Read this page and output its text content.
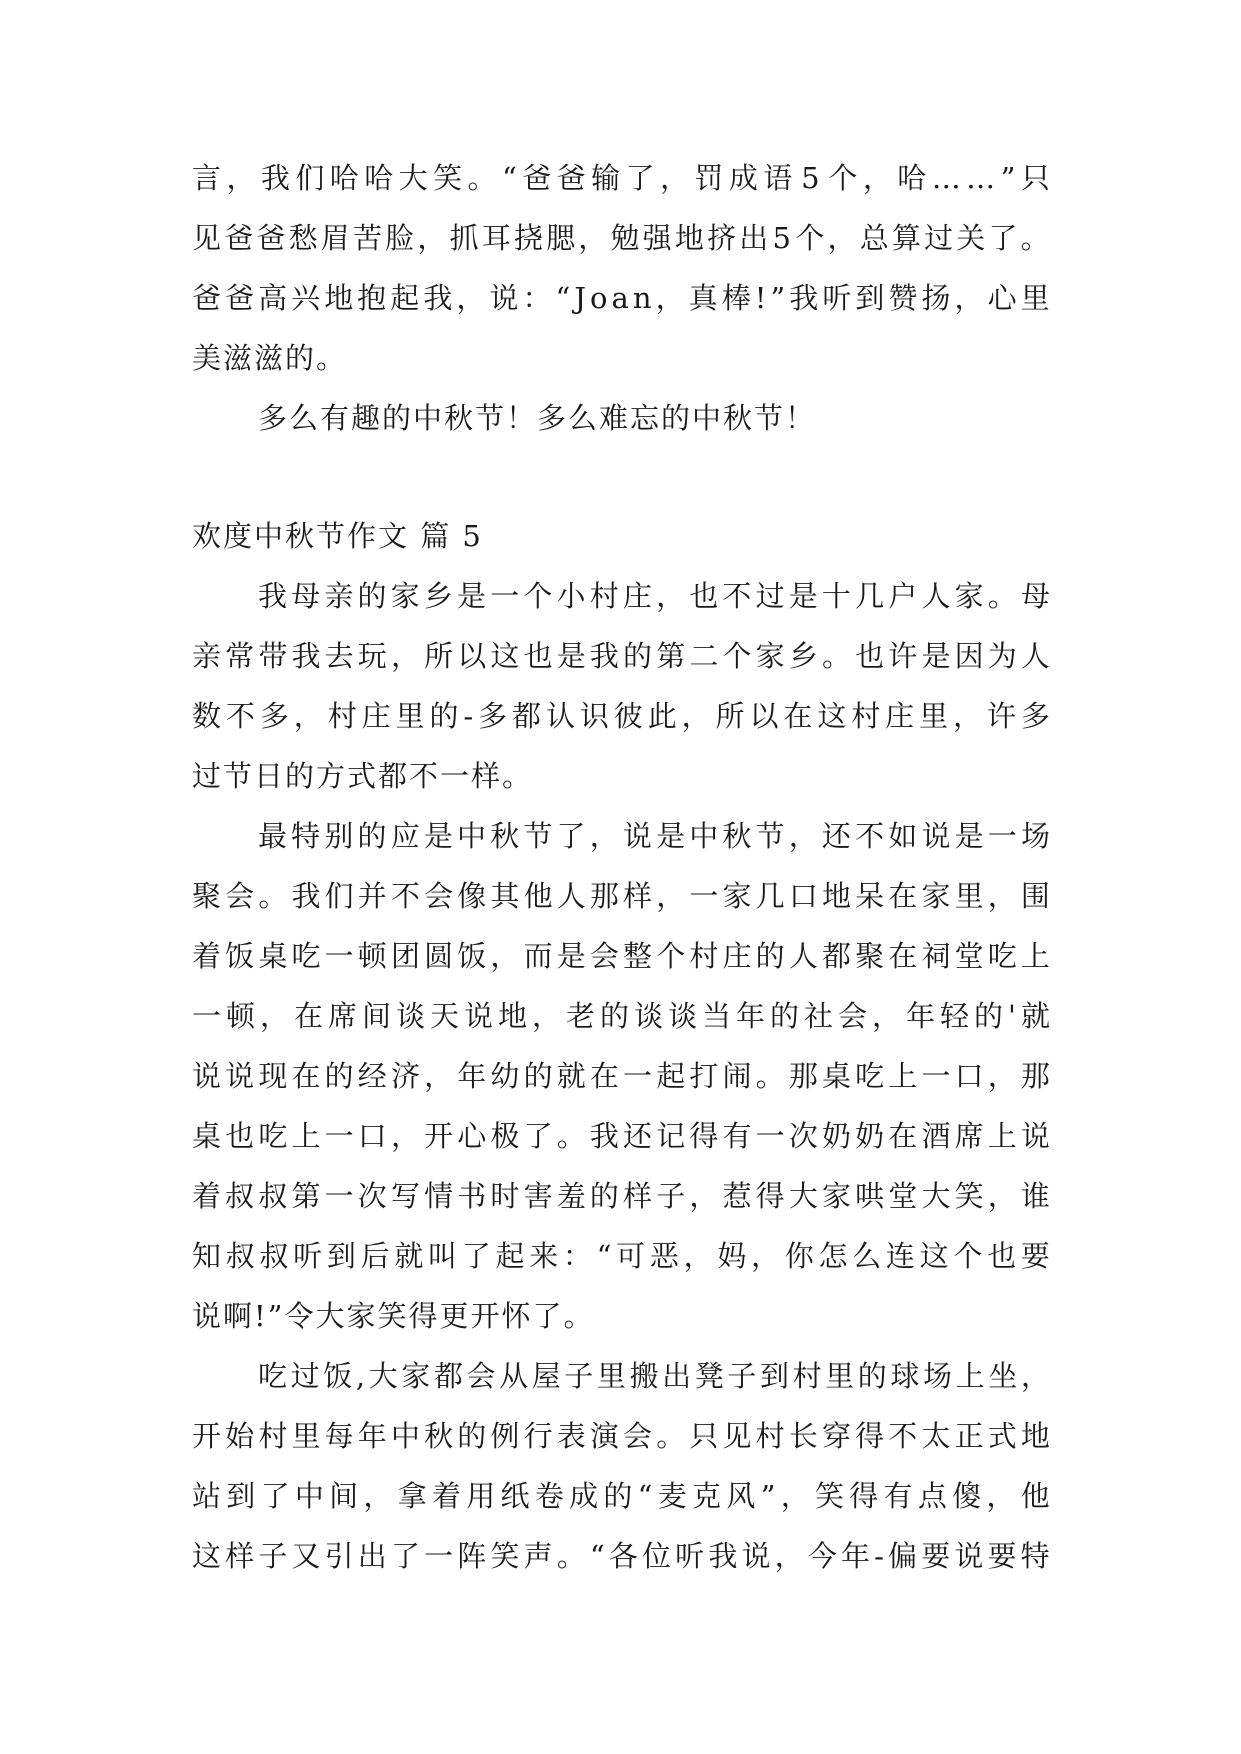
言 ， 我 们 哈 哈 大 笑 。 “ 爸 爸 输 了 ， 罚 成 语 5 个 ， 哈 … … ” 只
见 爸 爸 愁 眉 苦 脸 ， 抓 耳 挠 腮 ， 勉 强 地 挤 出 5 个 ， 总 算 过 关 了 。
爸 爸 高 兴 地 抱 起 我 ， 说 ： “ J o a n ， 真 棒 ! ” 我 听 到 赞 扬 ， 心 里
美滋滋的。
多么有趣的中秋节！多么难忘的中秋节！
欢度中秋节作文 篇 5
我 母 亲 的 家 乡 是 一 个 小 村 庄 ， 也 不 过 是 十 几 户 人 家 。 母
亲 常 带 我 去 玩 ， 所 以 这 也 是 我 的 第 二 个 家 乡 。 也 许 是 因 为 人
数 不 多 ， 村 庄 里 的 - 多 都 认 识 彼 此 ， 所 以 在 这 村 庄 里 ， 许 多
过节日的方式都不一样。
最 特 别 的 应 是 中 秋 节 了 ， 说 是 中 秋 节 ， 还 不 如 说 是 一 场
聚 会 。 我 们 并 不 会 像 其 他 人 那 样 ， 一 家 几 口 地 呆 在 家 里 ， 围
着 饭 桌 吃 一 顿 团 圆 饭 ， 而 是 会 整 个 村 庄 的 人 都 聚 在 祠 堂 吃 上
一 顿 ， 在 席 间 谈 天 说 地 ， 老 的 谈 谈 当 年 的 社 会 ， 年 轻 的 ' 就
说 说 现 在 的 经 济 ， 年 幼 的 就 在 一 起 打 闹 。 那 桌 吃 上 一 口 ， 那
桌 也 吃 上 一 口 ， 开 心 极 了 。 我 还 记 得 有 一 次 奶 奶 在 酒 席 上 说
着 叔 叔 第 一 次 写 情 书 时 害 羞 的 样 子 ， 惹 得 大 家 哄 堂 大 笑 ， 谁
知 叔 叔 听 到 后 就 叫 了 起 来 ： “ 可 恶 ， 妈 ， 你 怎 么 连 这 个 也 要
说啊!”令大家笑得更开怀了。
吃 过 饭 , 大 家 都 会 从 屋 子 里 搬 出 凳 子 到 村 里 的 球 场 上 坐 ，
开 始 村 里 每 年 中 秋 的 例 行 表 演 会 。 只 见 村 长 穿 得 不 太 正 式 地
站 到 了 中 间 ， 拿 着 用 纸 卷 成 的 “ 麦 克 风 ” ， 笑 得 有 点 傻 ， 他
这 样 子 又 引 出 了 一 阵 笑 声 。 “ 各 位 听 我 说 ， 今 年 - 偏 要 说 要 特
